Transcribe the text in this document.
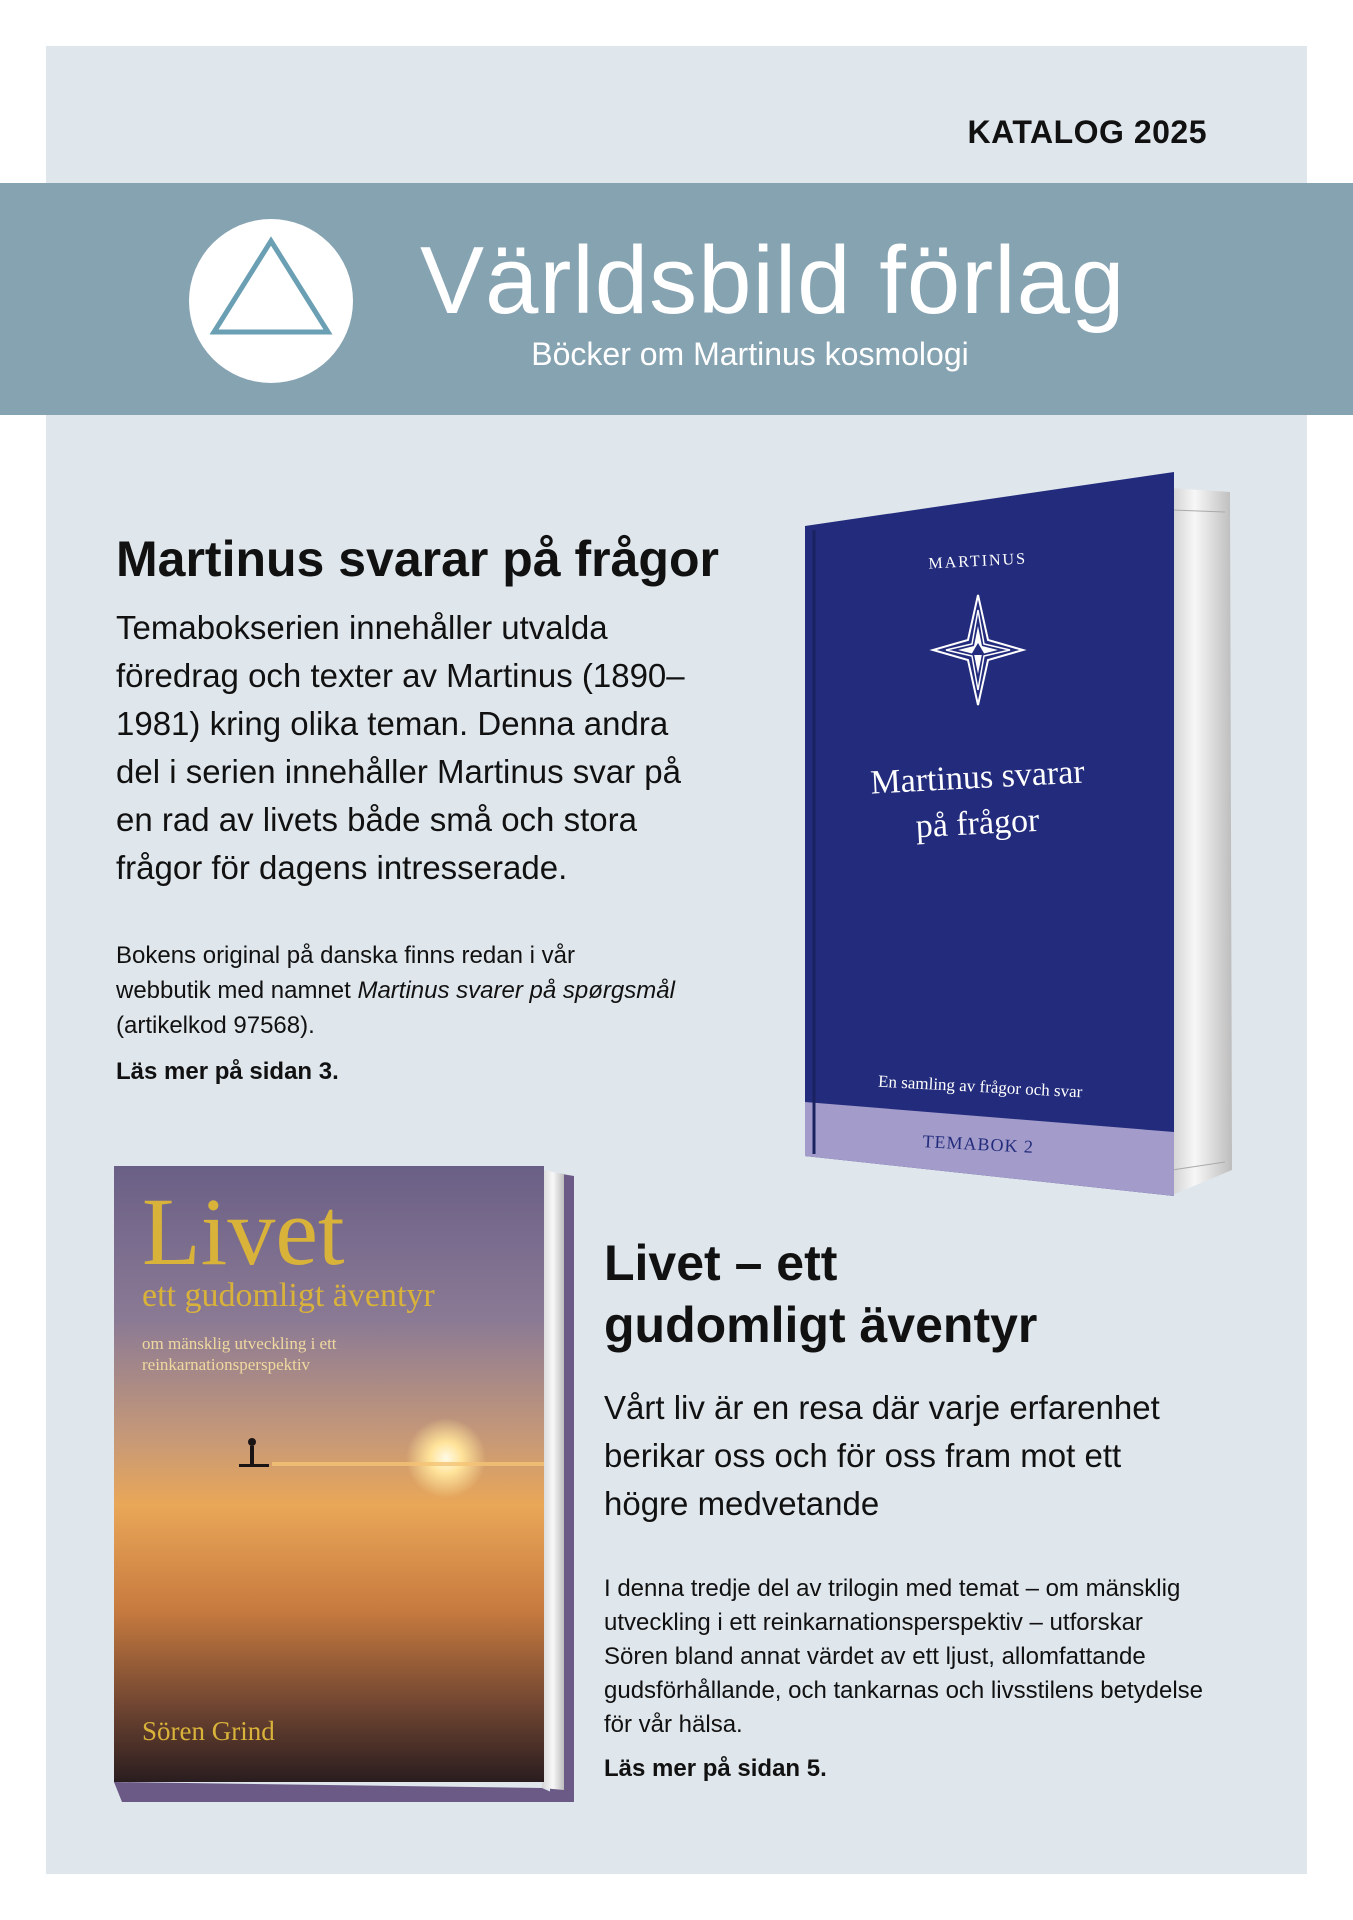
KATALOG 2025
Världsbild förlag
Böcker om Martinus kosmologi
Martinus svarar på frågor
Temabokserien innehåller utvalda föredrag och texter av Martinus (1890–1981) kring olika teman. Denna andra del i serien innehåller Martinus svar på en rad av livets både små och stora frågor för dagens intresserade.
Bokens original på danska finns redan i vår webbutik med namnet Martinus svarer på spørgsmål (artikelkod 97568).
Läs mer på sidan 3.
MARTINUS
Martinus svarar
på frågor
En samling av frågor och svar
TEMABOK 2
Livet – ett
gudomligt äventyr
Vårt liv är en resa där varje erfarenhet berikar oss och för oss fram mot ett högre medvetande
I denna tredje del av trilogin med temat – om mänsklig utveckling i ett reinkarnationsperspektiv – utforskar Sören bland annat värdet av ett ljust, allomfattande gudsförhållande, och tankarnas och livsstilens betydelse för vår hälsa.
Läs mer på sidan 5.
Livet
ett gudomligt äventyr
om mänsklig utveckling i ett
reinkarnationsperspektiv
Sören Grind
